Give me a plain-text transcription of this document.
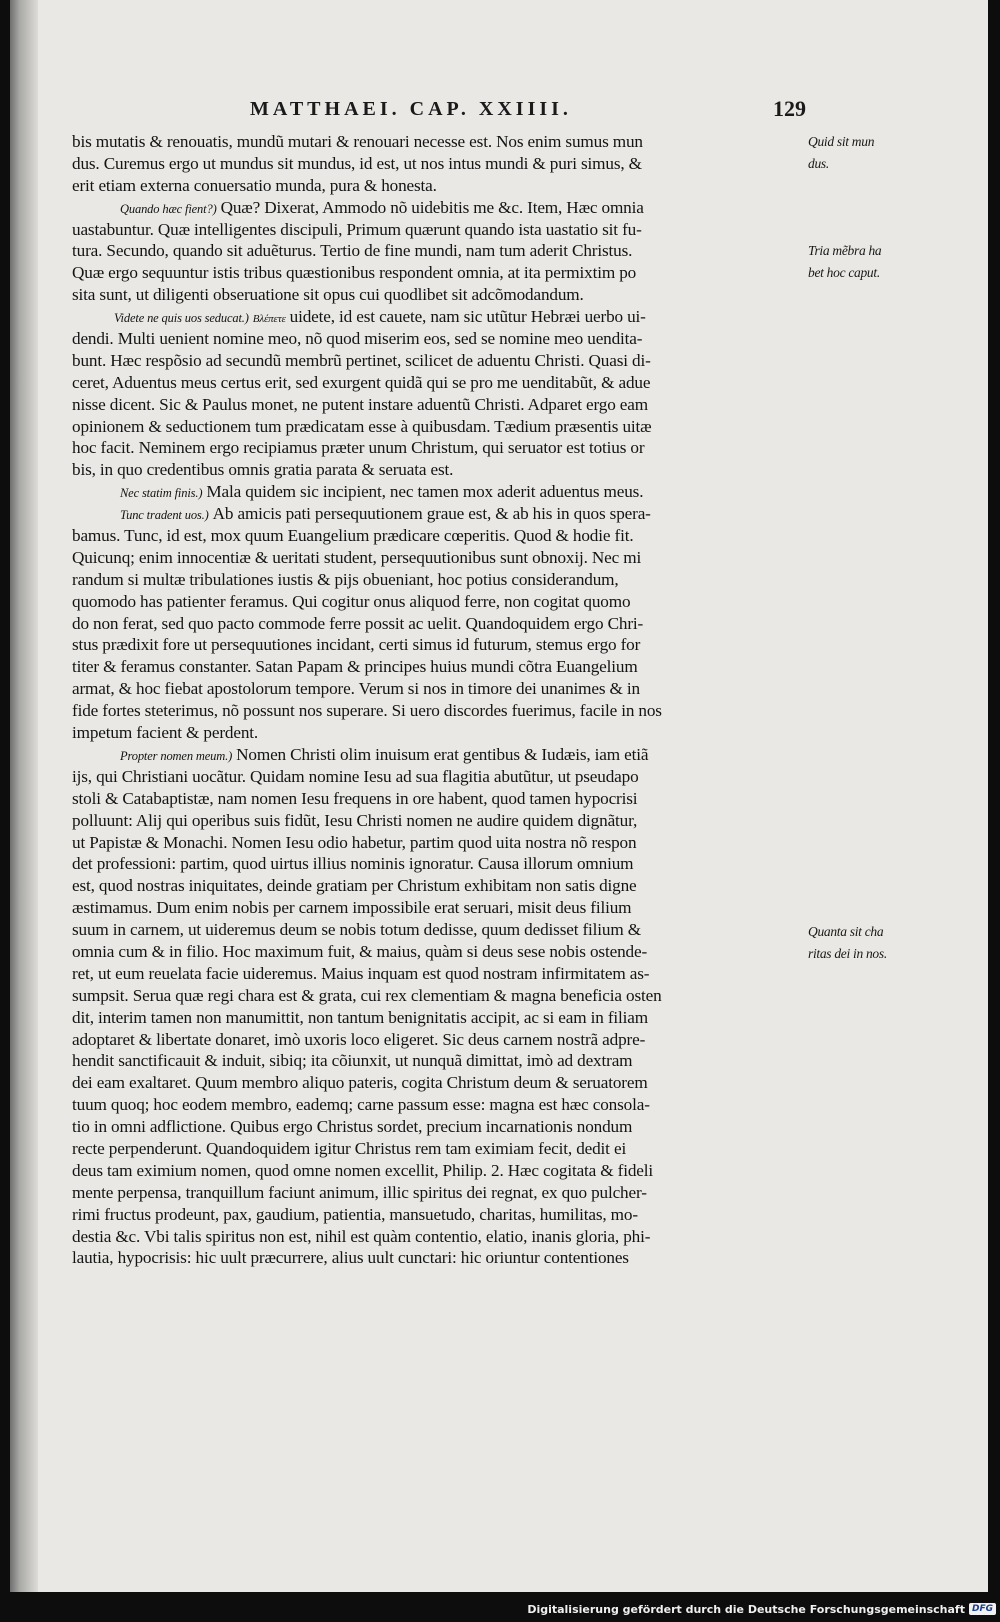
MATTHAEI. CAP. XXIIII.	129
bis mutatis & renouatis, mundũ mutari & renouari necesse est. Nos enim sumus mun
dus. Curemus ergo ut mundus sit mundus, id est, ut nos intus mundi & puri simus, &
erit etiam externa conuersatio munda, pura & honesta.
Quando hæc fient?) Quæ? Dixerat, Ammodo nõ uidebitis me &c. Item, Hæc omnia
uastabuntur. Quæ intelligentes discipuli, Primum quærunt quando ista uastatio sit fu-
tura. Secundo, quando sit aduẽturus. Tertio de fine mundi, nam tum aderit Christus.
Quæ ergo sequuntur istis tribus quæstionibus respondent omnia, at ita permixtim po
sita sunt, ut diligenti obseruatione sit opus cui quodlibet sit adcõmodandum.
Videte ne quis uos seducat.) Βλέπετε uidete, id est cauete, nam sic utũtur Hebræi uerbo ui-
dendi. Multi uenient nomine meo, nõ quod miserim eos, sed se nomine meo uendita-
bunt. Hæc respõsio ad secundũ membrũ pertinet, scilicet de aduentu Christi. Quasi di-
ceret, Aduentus meus certus erit, sed exurgent quidã qui se pro me uenditabũt, & adue
nisse dicent. Sic & Paulus monet, ne putent instare aduentũ Christi. Adparet ergo eam
opinionem & seductionem tum prædicatam esse à quibusdam. Tædium præsentis uitæ
hoc facit. Neminem ergo recipiamus præter unum Christum, qui seruator est totius or
bis, in quo credentibus omnis gratia parata & seruata est.
Nec statim finis.) Mala quidem sic incipient, nec tamen mox aderit aduentus meus.
Tunc tradent uos.) Ab amicis pati persequutionem graue est, & ab his in quos spera-
bamus. Tunc, id est, mox quum Euangelium prædicare cœperitis. Quod & hodie fit.
Quicunq; enim innocentiæ & ueritati student, persequutionibus sunt obnoxij. Nec mi
randum si multæ tribulationes iustis & pijs obueniant, hoc potius considerandum,
quomodo has patienter feramus. Qui cogitur onus aliquod ferre, non cogitat quomo
do non ferat, sed quo pacto commode ferre possit ac uelit. Quandoquidem ergo Chri-
stus prædixit fore ut persequutiones incidant, certi simus id futurum, stemus ergo for
titer & feramus constanter. Satan Papam & principes huius mundi cõtra Euangelium
armat, & hoc fiebat apostolorum tempore. Verum si nos in timore dei unanimes & in
fide fortes steterimus, nõ possunt nos superare. Si uero discordes fuerimus, facile in nos
impetum facient & perdent.
Propter nomen meum.) Nomen Christi olim inuisum erat gentibus & Iudæis, iam etiã
ijs, qui Christiani uocãtur. Quidam nomine Iesu ad sua flagitia abutũtur, ut pseudapo
stoli & Catabaptistæ, nam nomen Iesu frequens in ore habent, quod tamen hypocrisi
polluunt: Alij qui operibus suis fidũt, Iesu Christi nomen ne audire quidem dignãtur,
ut Papistæ & Monachi. Nomen Iesu odio habetur, partim quod uita nostra nõ respon
det professioni: partim, quod uirtus illius nominis ignoratur. Causa illorum omnium
est, quod nostras iniquitates, deinde gratiam per Christum exhibitam non satis digne
æstimamus. Dum enim nobis per carnem impossibile erat seruari, misit deus filium
suum in carnem, ut uideremus deum se nobis totum dedisse, quum dedisset filium &
omnia cum & in filio. Hoc maximum fuit, & maius, quàm si deus sese nobis ostende-
ret, ut eum reuelata facie uideremus. Maius inquam est quod nostram infirmitatem as-
sumpsit. Serua quæ regi chara est & grata, cui rex clementiam & magna beneficia osten
dit, interim tamen non manumittit, non tantum benignitatis accipit, ac si eam in filiam
adoptaret & libertate donaret, imò uxoris loco eligeret. Sic deus carnem nostrã adpre-
hendit sanctificauit & induit, sibiq; ita cõiunxit, ut nunquã dimittat, imò ad dextram
dei eam exaltaret. Quum membro aliquo pateris, cogita Christum deum & seruatorem
tuum quoq; hoc eodem membro, eademq; carne passum esse: magna est hæc consola-
tio in omni adflictione. Quibus ergo Christus sordet, precium incarnationis nondum
recte perpenderunt. Quandoquidem igitur Christus rem tam eximiam fecit, dedit ei
deus tam eximium nomen, quod omne nomen excellit, Philip. 2. Hæc cogitata & fideli
mente perpensa, tranquillum faciunt animum, illic spiritus dei regnat, ex quo pulcher-
rimi fructus prodeunt, pax, gaudium, patientia, mansuetudo, charitas, humilitas, mo-
destia &c. Vbi talis spiritus non est, nihil est quàm contentio, elatio, inanis gloria, phi-
lautia, hypocrisis: hic uult præcurrere, alius uult cunctari: hic oriuntur contentiones
Quid sit mun
dus.
Tria mẽbra ha
bet hoc caput.
Quanta sit cha
ritas dei in nos.
Digitalisierung gefördert durch die Deutsche Forschungsgemeinschaft DFG
